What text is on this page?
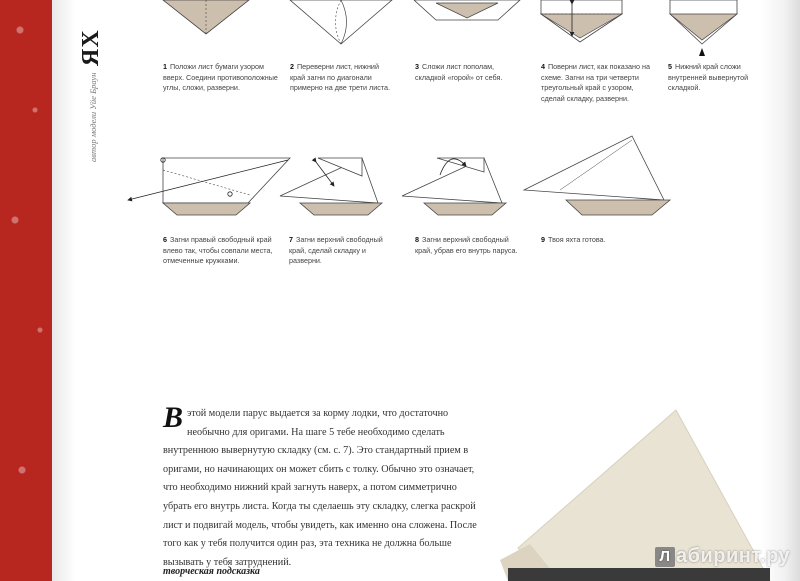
ЯХ
автор модели Уйе Браун
1 Положи лист бумаги узором вверх. Соедини противоположные углы, сложи, разверни.
2 Переверни лист, нижний край загни по диагонали примерно на две трети листа.
3 Сложи лист пополам, складкой «горой» от себя.
4 Поверни лист, как показано на схеме. Загни на три четверти треугольный край с узором, сделай складку, разверни.
5 Нижний край сложи внутренней вывернутой складкой.
6 Загни правый свободный край влево так, чтобы совпали места, отмеченные кружками.
7 Загни верхний свободный край, сделай складку и разверни.
8 Загни верхний свободный край, убрав его внутрь паруса.
9 Твоя яхта готова.
Вэтой модели парус выдается за корму лодки, что достаточно необычно для оригами. На шаге 5 тебе необходимо сделать внутреннюю вывернутую складку (см. с. 7). Это стандартный прием в оригами, но начинающих он может сбить с толку. Обычно это означает, что необходимо нижний край загнуть наверх, а потом симметрично убрать его внутрь листа. Когда ты сделаешь эту складку, слегка раскрой лист и подвигай модель, чтобы увидеть, как именно она сложена. После того как у тебя получится один раз, эта техника не должна больше вызывать у тебя затруднений.
творческая подсказка
Л абиринт.ру
